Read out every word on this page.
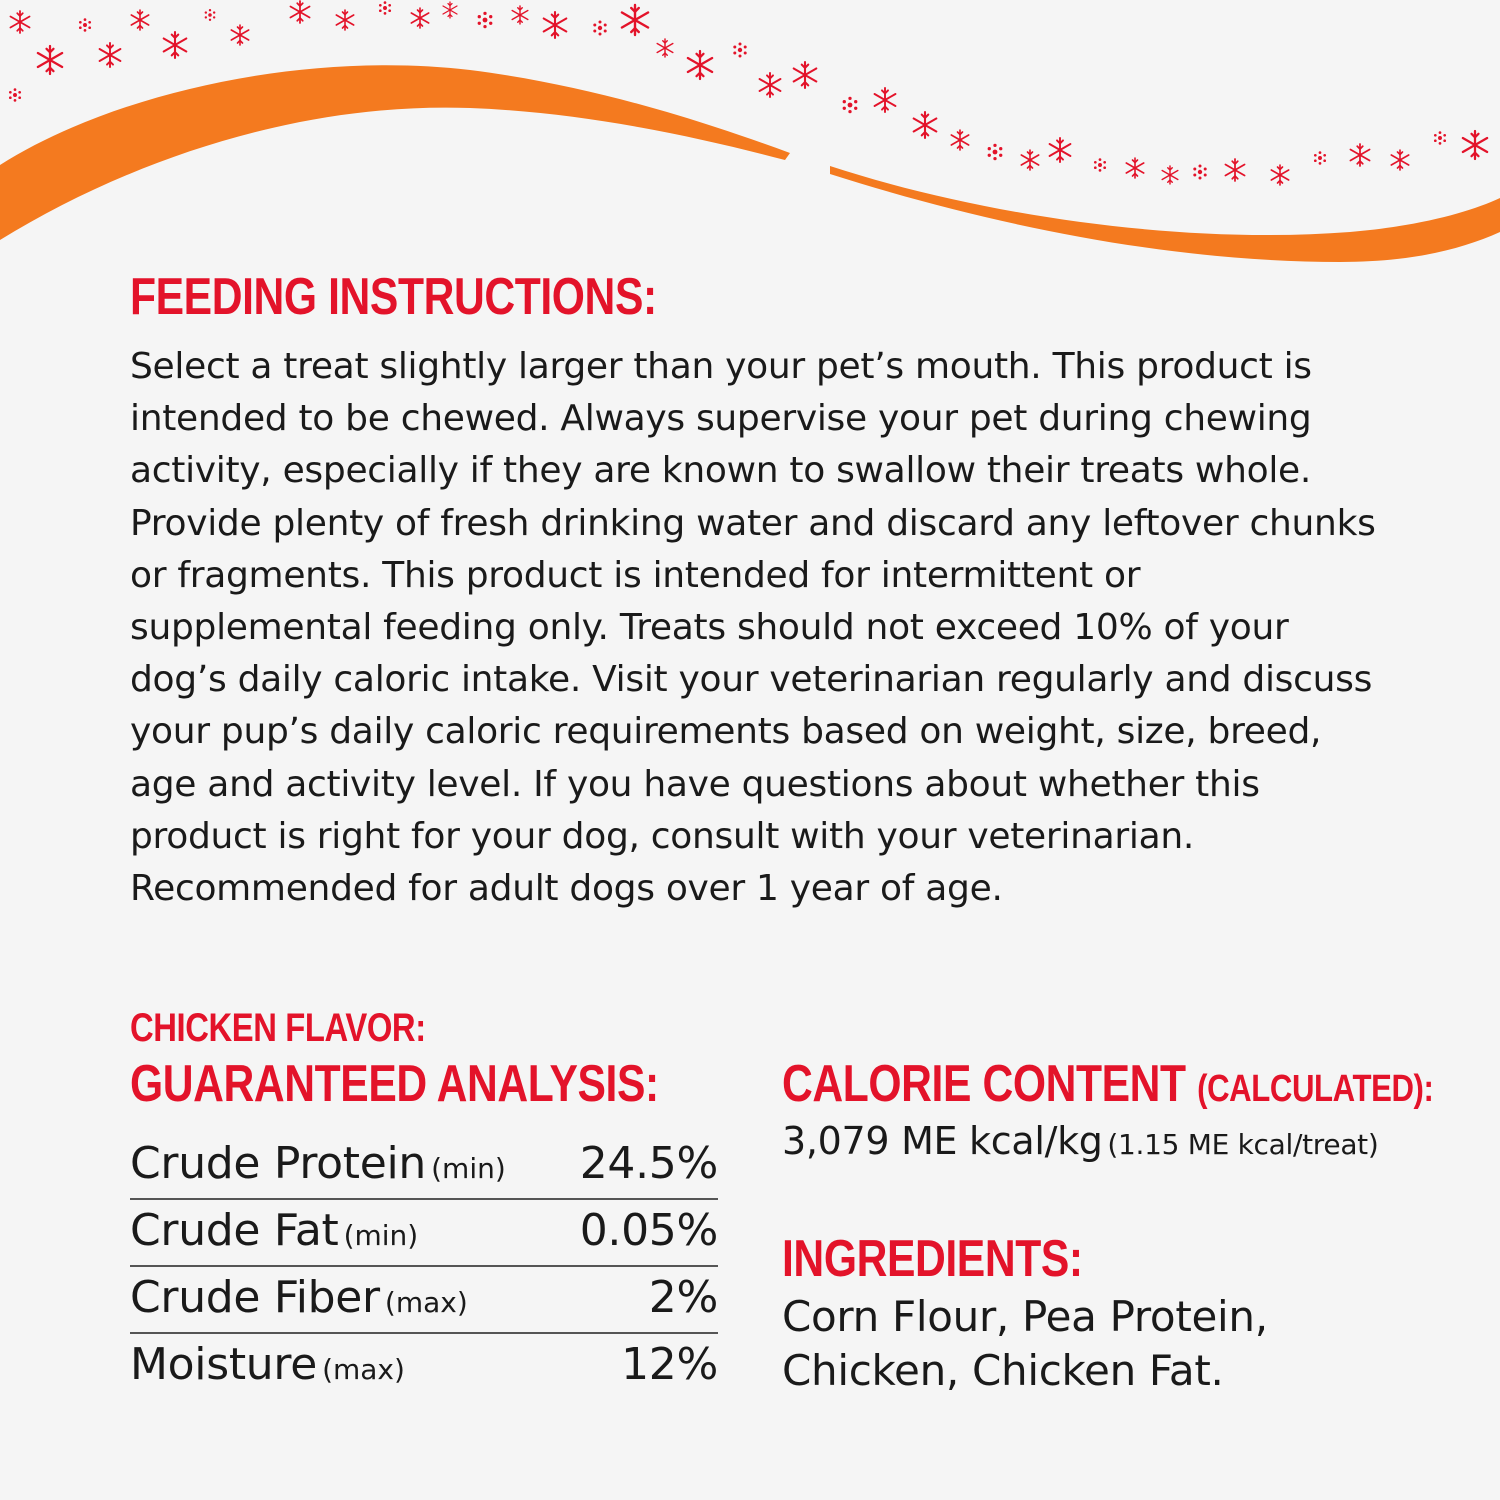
FEEDING INSTRUCTIONS:

Select a treat slightly larger than your pet’s mouth. This product is intended to be chewed. Always supervise your pet during chewing activity, especially if they are known to swallow their treats whole. Provide plenty of fresh drinking water and discard any leftover chunks or fragments. This product is intended for intermittent or supplemental feeding only. Treats should not exceed 10% of your dog’s daily caloric intake. Visit your veterinarian regularly and discuss your pup’s daily caloric requirements based on weight, size, breed, age and activity level. If you have questions about whether this product is right for your dog, consult with your veterinarian. Recommended for adult dogs over 1 year of age.

CHICKEN FLAVOR:
GUARANTEED ANALYSIS:
Crude Protein (min) 24.5%
Crude Fat (min)	0.05%
Crude Fiber (max)	2%
Moisture (max)	12%
CALORIE CONTENT (CALCULATED):

3,079 ME kcal/kg (1.15 ME kcal/treat)

INGREDIENTS:

Corn Flour, Pea Protein, Chicken, Chicken Fat.
